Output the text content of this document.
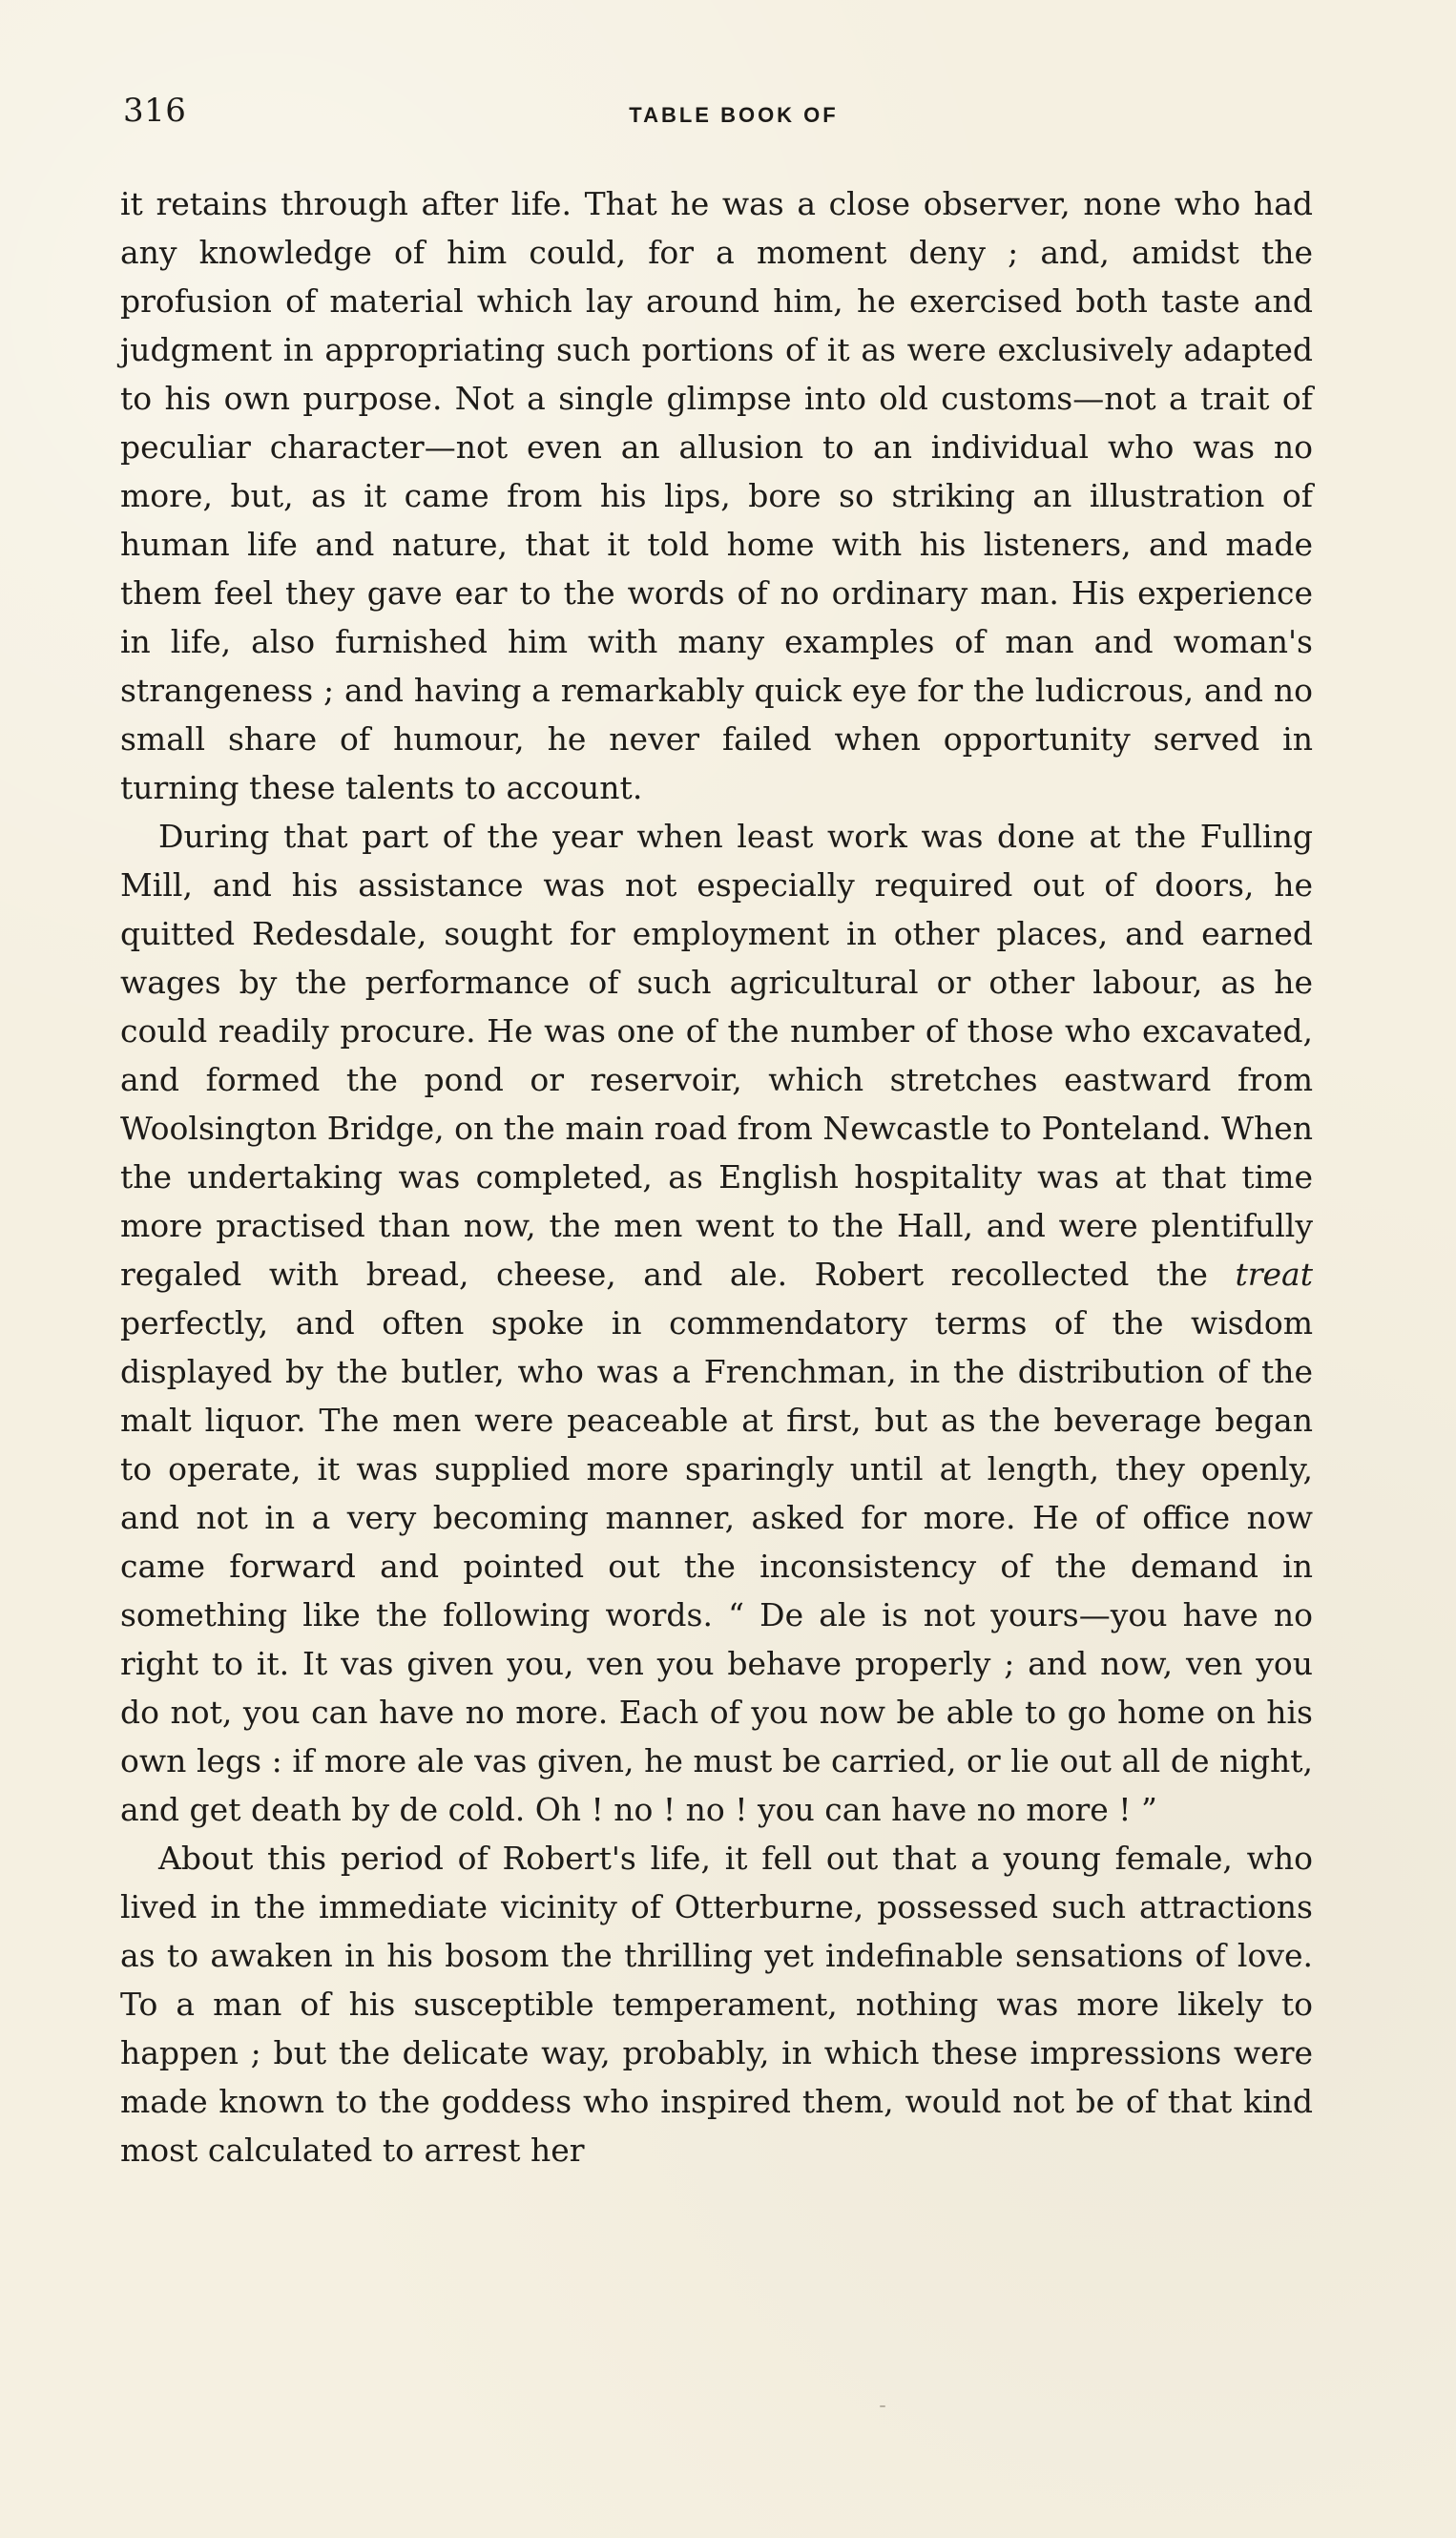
316	TABLE BOOK OF

it retains through after life. That he was a close observer, none who had any knowledge of him could, for a moment deny ; and, amidst the profusion of material which lay around him, he exercised both taste and judgment in appropriating such portions of it as were exclusively adapted to his own purpose. Not a single glimpse into old customs—not a trait of peculiar character—not even an allusion to an individual who was no more, but, as it came from his lips, bore so striking an illustration of human life and nature, that it told home with his listeners, and made them feel they gave ear to the words of no ordinary man. His experience in life, also furnished him with many examples of man and woman's strangeness ; and having a remarkably quick eye for the ludicrous, and no small share of humour, he never failed when opportunity served in turning these talents to account.

During that part of the year when least work was done at the Fulling Mill, and his assistance was not especially required out of doors, he quitted Redesdale, sought for employment in other places, and earned wages by the performance of such agricultural or other labour, as he could readily procure. He was one of the number of those who excavated, and formed the pond or reservoir, which stretches eastward from Woolsington Bridge, on the main road from Newcastle to Ponteland. When the undertaking was completed, as English hospitality was at that time more practised than now, the men went to the Hall, and were plentifully regaled with bread, cheese, and ale. Robert recollected the treat perfectly, and often spoke in commendatory terms of the wisdom displayed by the butler, who was a Frenchman, in the distribution of the malt liquor. The men were peaceable at first, but as the beverage began to operate, it was supplied more sparingly until at length, they openly, and not in a very becoming manner, asked for more. He of office now came forward and pointed out the inconsistency of the demand in something like the following words. “ De ale is not yours—you have no right to it. It vas given you, ven you behave properly ; and now, ven you do not, you can have no more. Each of you now be able to go home on his own legs : if more ale vas given, he must be carried, or lie out all de night, and get death by de cold. Oh ! no ! no ! you can have no more ! ”

About this period of Robert's life, it fell out that a young female, who lived in the immediate vicinity of Otterburne, possessed such attractions as to awaken in his bosom the thrilling yet indefinable sensations of love. To a man of his susceptible temperament, nothing was more likely to happen ; but the delicate way, probably, in which these impressions were made known to the goddess who inspired them, would not be of that kind most calculated to arrest her
